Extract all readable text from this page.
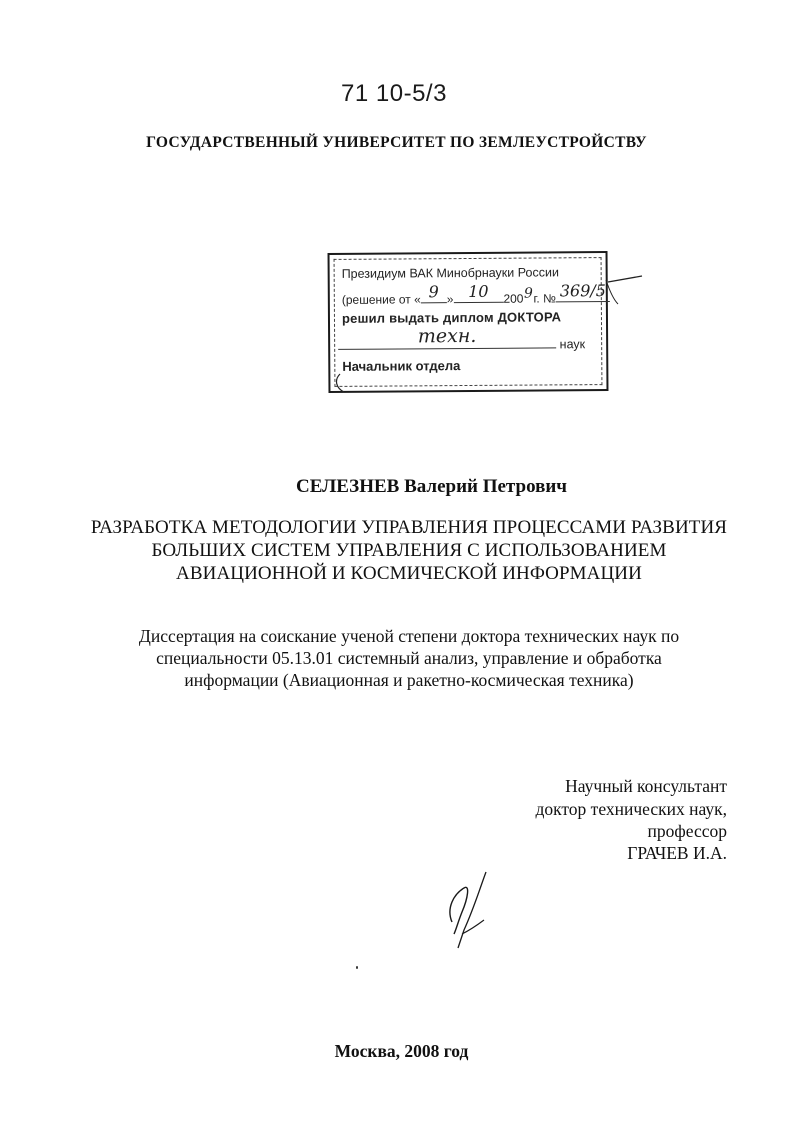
71 10-5/3
ГОСУДАРСТВЕННЫЙ УНИВЕРСИТЕТ ПО ЗЕМЛЕУСТРОЙСТВУ
Президиум ВАК Минобрнауки России
(решение от « 9 » 10	200 9 г. № 369/5
решил выдать диплом ДОКТОРА
техн.	наук
Начальник отдела
СЕЛЕЗНЕВ Валерий Петрович
РАЗРАБОТКА МЕТОДОЛОГИИ УПРАВЛЕНИЯ ПРОЦЕССАМИ РАЗВИТИЯ
БОЛЬШИХ СИСТЕМ УПРАВЛЕНИЯ С ИСПОЛЬЗОВАНИЕМ
АВИАЦИОННОЙ И КОСМИЧЕСКОЙ ИНФОРМАЦИИ
Диссертация на соискание ученой степени доктора технических наук по
специальности 05.13.01 системный анализ, управление и обработка
информации (Авиационная и ракетно-космическая техника)
Научный консультант
доктор технических наук,
профессор
ГРАЧЕВ И.А.
Москва, 2008 год
